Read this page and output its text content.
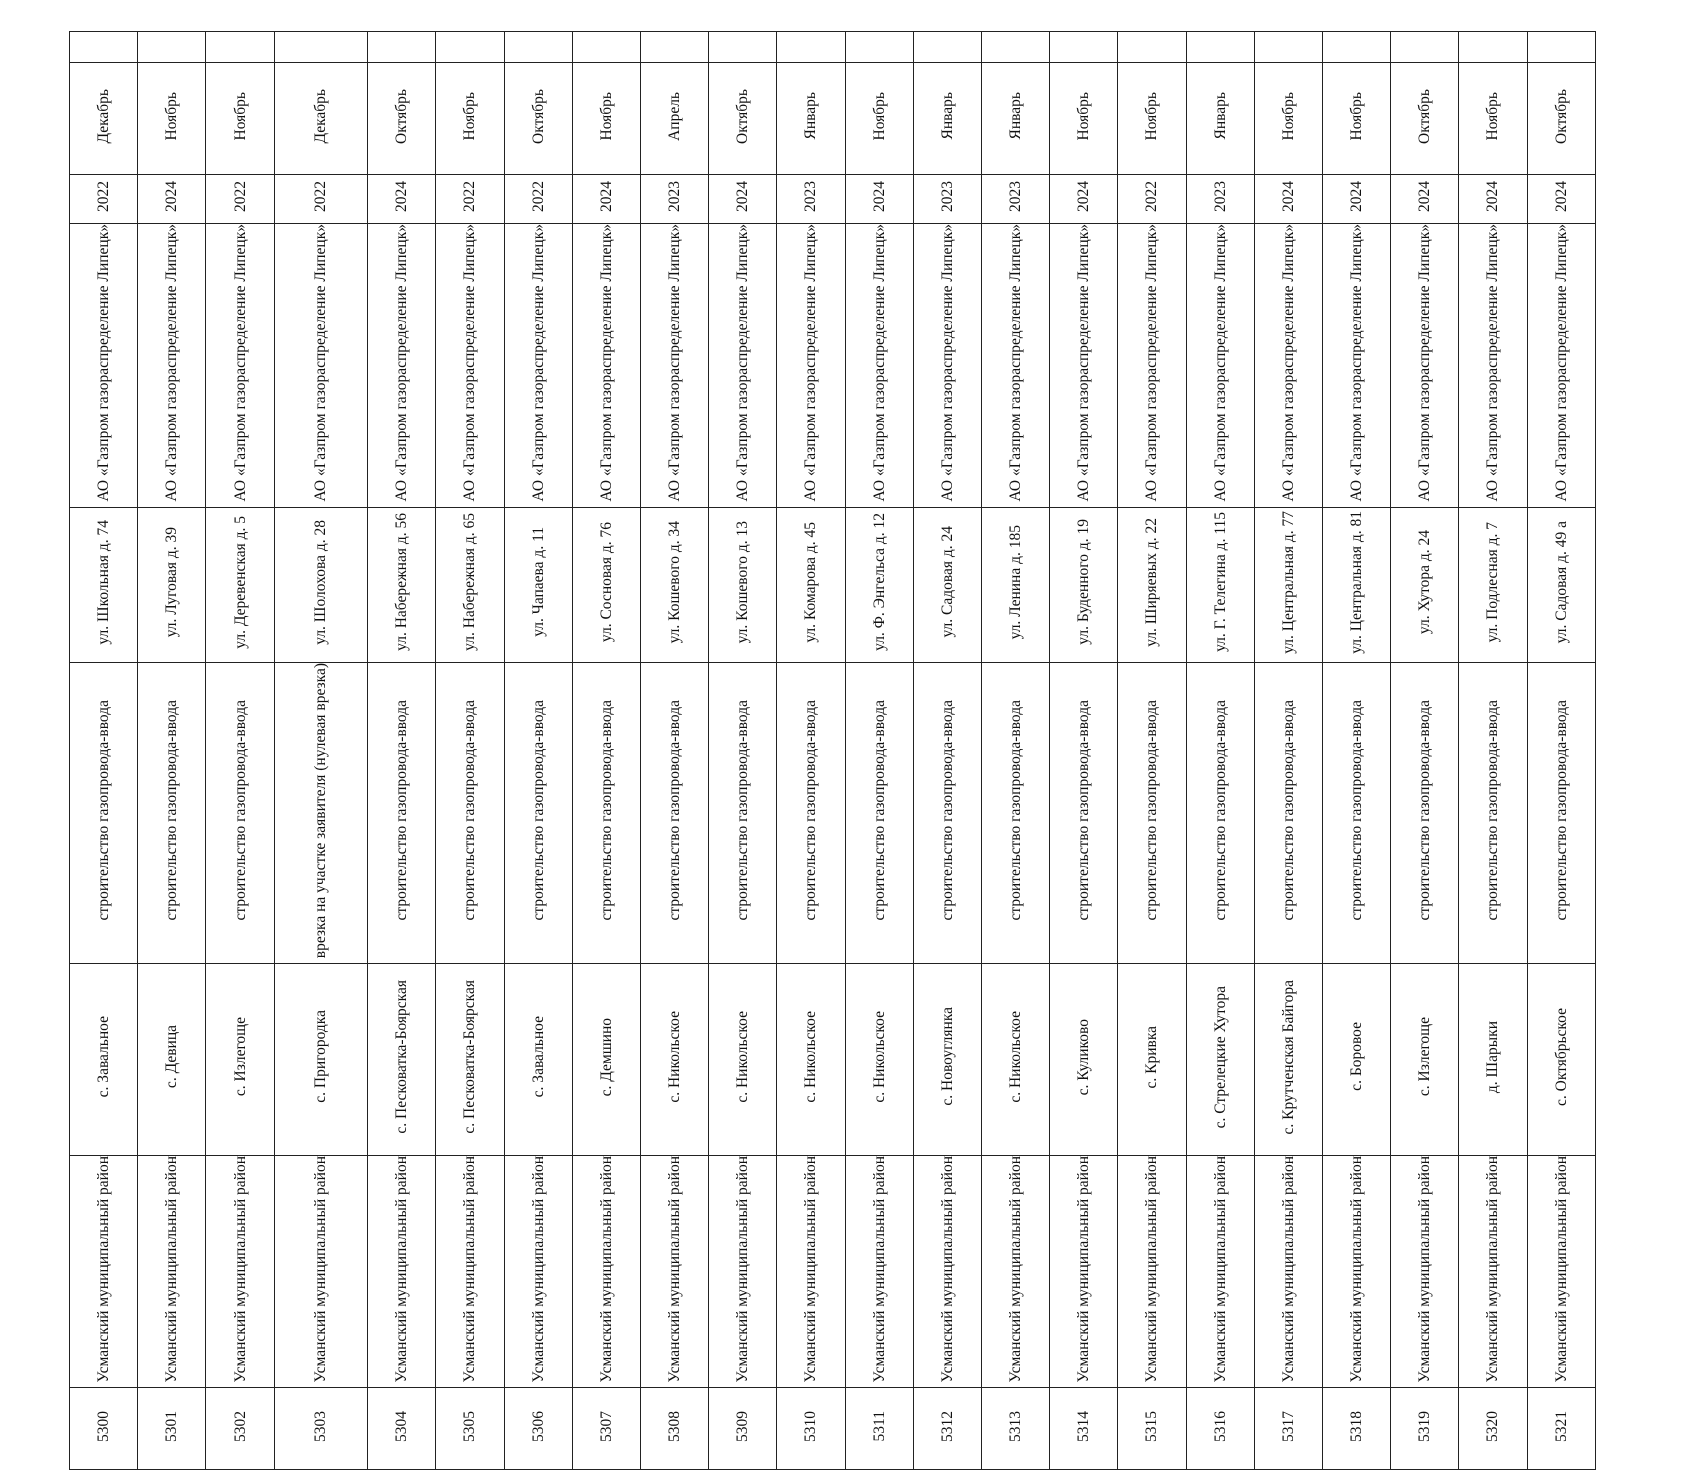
Декабрь	Ноябрь	Ноябрь	Декабрь	Октябрь	Ноябрь	Октябрь	Ноябрь	Апрель	Октябрь	Январь	Ноябрь	Январь	Январь	Ноябрь	Ноябрь	Январь	Ноябрь	Ноябрь	Октябрь	Ноябрь	Октябрь
2022	2024	2022	2022	2024	2022	2022	2024	2023	2024	2023	2024	2023	2023	2024	2022	2023	2024	2024	2024	2024	2024
АО «Газпром газораспределение Липецк»	АО «Газпром газораспределение Липецк»	АО «Газпром газораспределение Липецк»	АО «Газпром газораспределение Липецк»	АО «Газпром газораспределение Липецк»	АО «Газпром газораспределение Липецк»	АО «Газпром газораспределение Липецк»	АО «Газпром газораспределение Липецк»	АО «Газпром газораспределение Липецк»	АО «Газпром газораспределение Липецк»	АО «Газпром газораспределение Липецк»	АО «Газпром газораспределение Липецк»	АО «Газпром газораспределение Липецк»	АО «Газпром газораспределение Липецк»	АО «Газпром газораспределение Липецк»	АО «Газпром газораспределение Липецк»	АО «Газпром газораспределение Липецк»	АО «Газпром газораспределение Липецк»	АО «Газпром газораспределение Липецк»	АО «Газпром газораспределение Липецк»	АО «Газпром газораспределение Липецк»	АО «Газпром газораспределение Липецк»
ул. Школьная д. 74	ул. Луговая д. 39	ул. Деревенская д. 5	ул. Шолохова д. 28	ул. Набережная д. 56	ул. Набережная д. 65	ул. Чапаева д. 11	ул. Сосновая д. 76	ул. Кошевого д. 34	ул. Кошевого д. 13	ул. Комарова д. 45	ул. Ф. Энгельса д. 12	ул. Садовая д. 24	ул. Ленина д. 185	ул. Буденного д. 19	ул. Ширяевых д. 22	ул. Г. Телегина д. 115	ул. Центральная д. 77	ул. Центральная д. 81	ул. Хутора д. 24	ул. Подлесная д. 7	ул. Садовая д. 49 а
строительство газопровода-ввода	строительство газопровода-ввода	строительство газопровода-ввода	врезка на участке заявителя (нулевая врезка)	строительство газопровода-ввода	строительство газопровода-ввода	строительство газопровода-ввода	строительство газопровода-ввода	строительство газопровода-ввода	строительство газопровода-ввода	строительство газопровода-ввода	строительство газопровода-ввода	строительство газопровода-ввода	строительство газопровода-ввода	строительство газопровода-ввода	строительство газопровода-ввода	строительство газопровода-ввода	строительство газопровода-ввода	строительство газопровода-ввода	строительство газопровода-ввода	строительство газопровода-ввода	строительство газопровода-ввода
с. Завальное	с. Девица	с. Излегоще	с. Пригородка	с. Песковатка-Боярская	с. Песковатка-Боярская	с. Завальное	с. Демшино	с. Никольское	с. Никольское	с. Никольское	с. Никольское	с. Новоуглянка	с. Никольское	с. Куликово	с. Кривка	с. Стрелецкие Хутора	с. Крутченская Байгора	с. Боровое	с. Излегоще	д. Шарыки	с. Октябрьское
Усманский муниципальный район	Усманский муниципальный район	Усманский муниципальный район	Усманский муниципальный район	Усманский муниципальный район	Усманский муниципальный район	Усманский муниципальный район	Усманский муниципальный район	Усманский муниципальный район	Усманский муниципальный район	Усманский муниципальный район	Усманский муниципальный район	Усманский муниципальный район	Усманский муниципальный район	Усманский муниципальный район	Усманский муниципальный район	Усманский муниципальный район	Усманский муниципальный район	Усманский муниципальный район	Усманский муниципальный район	Усманский муниципальный район	Усманский муниципальный район
5300	5301	5302	5303	5304	5305	5306	5307	5308	5309	5310	5311	5312	5313	5314	5315	5316	5317	5318	5319	5320	5321
